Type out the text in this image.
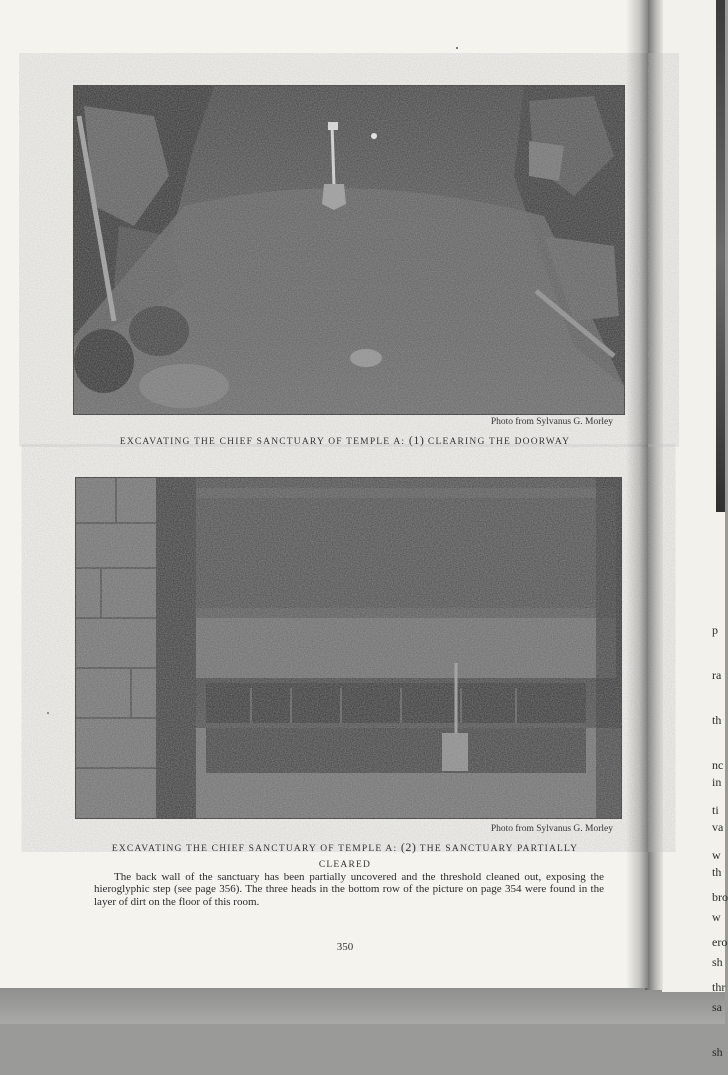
p

ra

th

nc

ti

w

in

va

th

w

sh

sa

sh

bro

ero

thr

Photo from Sylvanus G. Morley
EXCAVATING THE CHIEF SANCTUARY OF TEMPLE A: (1) CLEARING THE DOORWAY
Photo from Sylvanus G. Morley
EXCAVATING THE CHIEF SANCTUARY OF TEMPLE A: (2) THE SANCTUARY PARTIALLY
CLEARED
The back wall of the sanctuary has been partially uncovered and the threshold cleaned out, exposing the hieroglyphic step (see page 356). The three heads in the bottom row of the picture on page 354 were found in the layer of dirt on the floor of this room.
350
